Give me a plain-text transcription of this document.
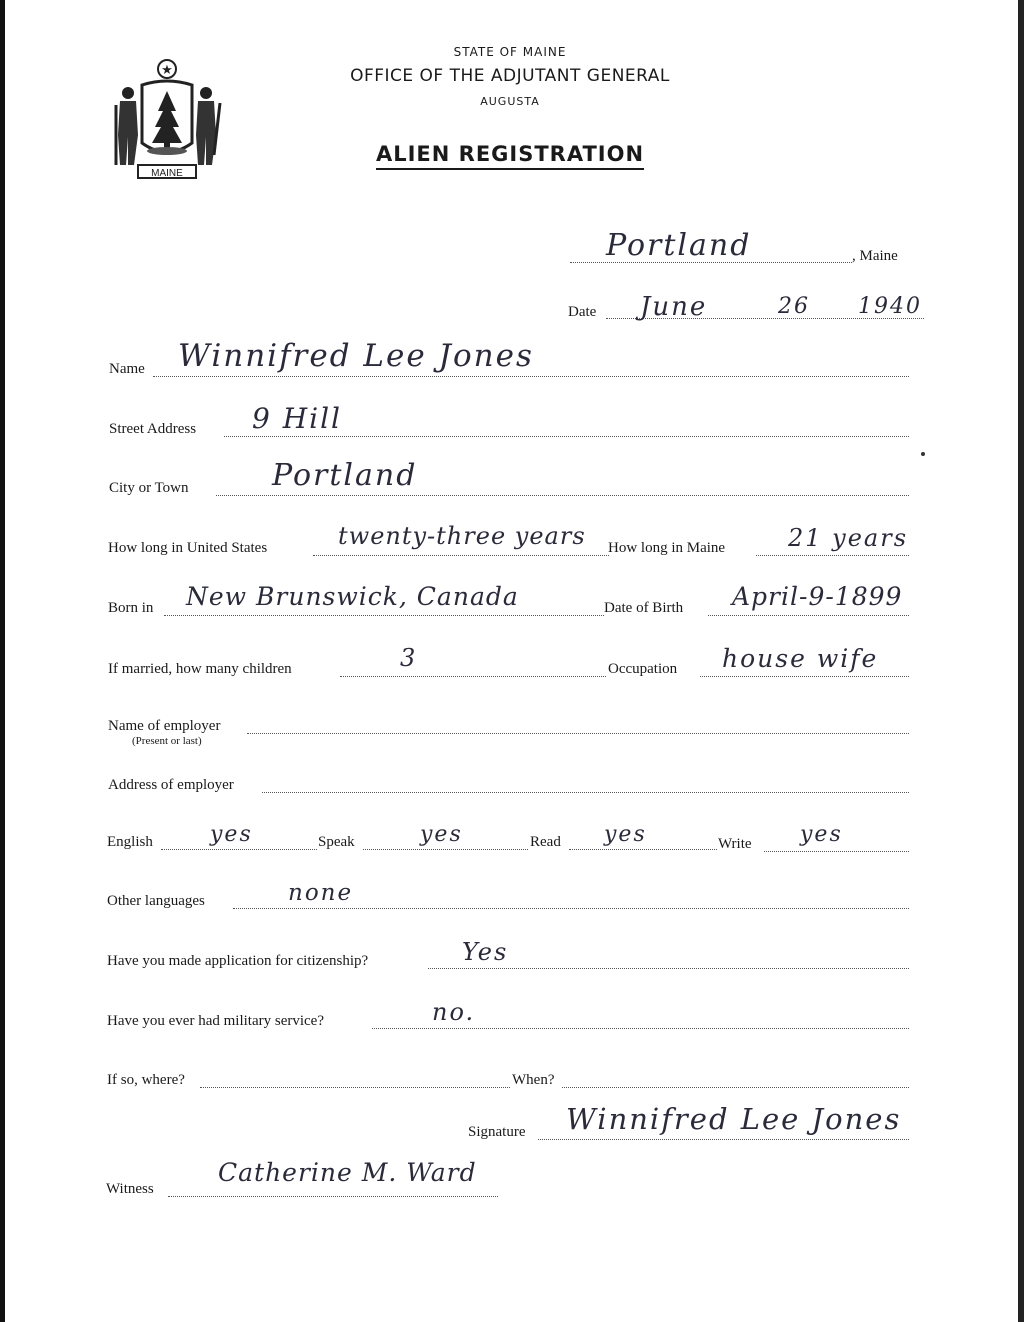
★
MAINE
STATE OF MAINE
OFFICE OF THE ADJUTANT GENERAL
AUGUSTA
ALIEN REGISTRATION
Portland	, Maine
Date June	26 1940
Name Winnifred Lee Jones
Street Address 9 Hill
City or Town	Portland
How long in United States	twenty-three years How long in Maine	21 years
Born in New Brunswick, Canada	Date of Birth April-9-1899
If married, how many children	3	Occupation house wife
Name of employer
(Present or last)
Address of employer
English	yes	Speak	yes	Read yes	Write yes
Other languages	none
Have you made application for citizenship?	Yes
Have you ever had military service?	no.
If so, where?	When?
Signature Winnifred Lee Jones
Witness
Catherine M. Ward
